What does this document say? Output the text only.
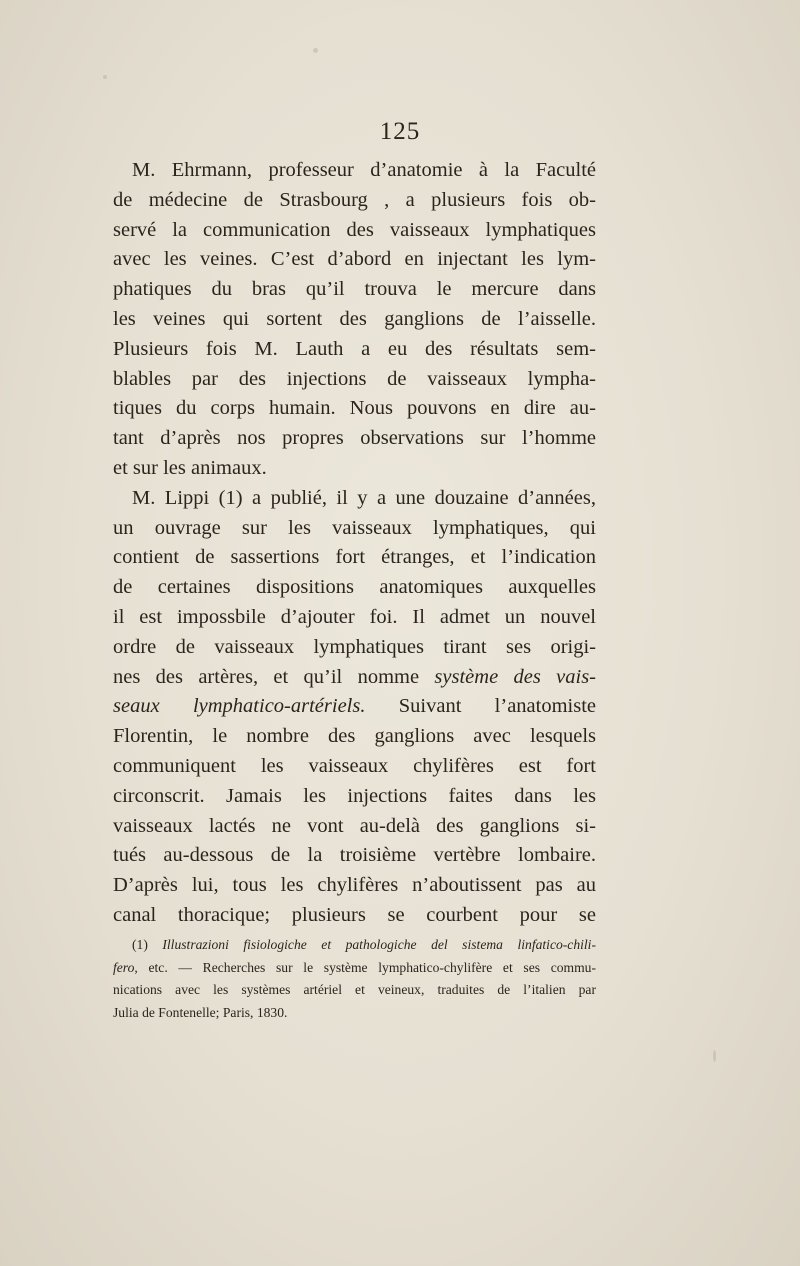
125
M. Ehrmann, professeur d’anatomie à la Faculté
de médecine de Strasbourg , a plusieurs fois ob-
servé la communication des vaisseaux lymphatiques
avec les veines. C’est d’abord en injectant les lym-
phatiques du bras qu’il trouva le mercure dans
les veines qui sortent des ganglions de l’aisselle.
Plusieurs fois M. Lauth a eu des résultats sem-
blables par des injections de vaisseaux lympha-
tiques du corps humain. Nous pouvons en dire au-
tant d’après nos propres observations sur l’homme
et sur les animaux.
M. Lippi (1) a publié, il y a une douzaine d’années,
un ouvrage sur les vaisseaux lymphatiques, qui
contient de sassertions fort étranges, et l’indication
de certaines dispositions anatomiques auxquelles
il est impossbile d’ajouter foi. Il admet un nouvel
ordre de vaisseaux lymphatiques tirant ses origi-
nes des artères, et qu’il nomme système des vais-
seaux lymphatico-artériels. Suivant l’anatomiste
Florentin, le nombre des ganglions avec lesquels
communiquent les vaisseaux chylifères est fort
circonscrit. Jamais les injections faites dans les
vaisseaux lactés ne vont au-delà des ganglions si-
tués au-dessous de la troisième vertèbre lombaire.
D’après lui, tous les chylifères n’aboutissent pas au
canal thoracique; plusieurs se courbent pour se
(1) Illustrazioni fisiologiche et pathologiche del sistema linfatico-chili-
fero, etc. — Recherches sur le système lymphatico-chylifère et ses commu-
nications avec les systèmes artériel et veineux, traduites de l’italien par
Julia de Fontenelle; Paris, 1830.
